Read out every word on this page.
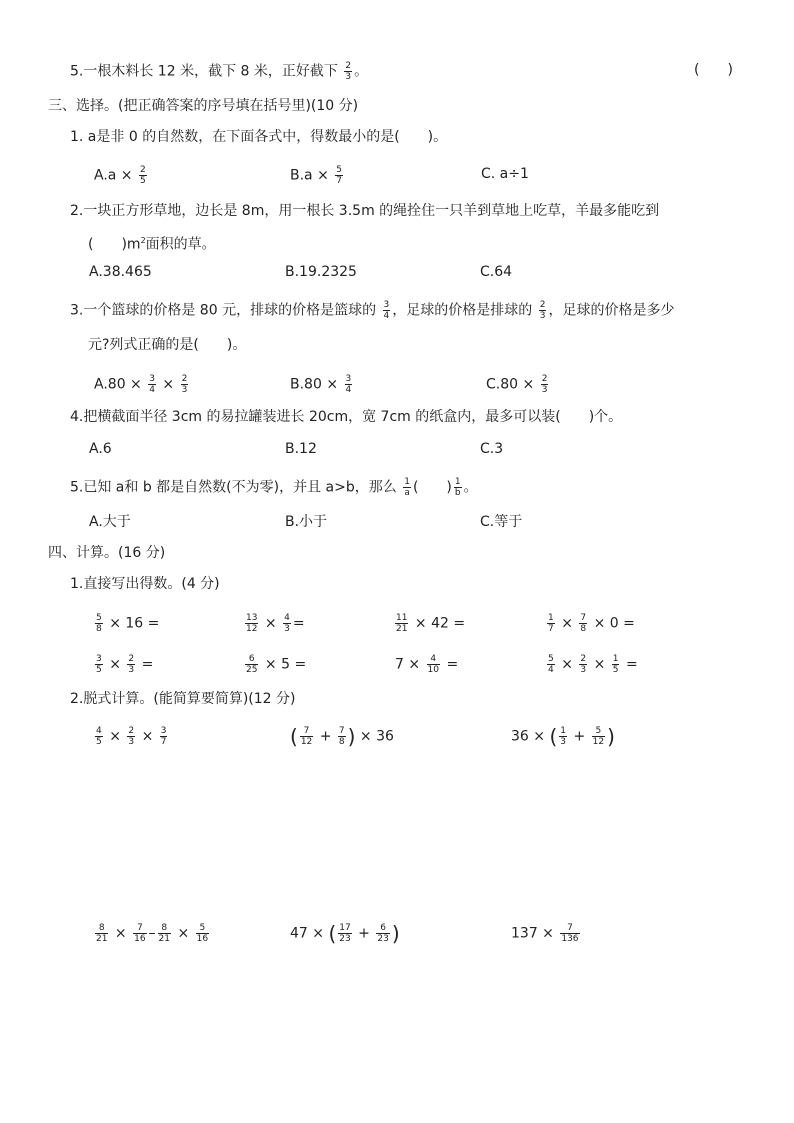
5.一根木料长 12 米，截下 8 米，正好截下 $\frac{2}{3}$ 。	(　　)
三、选择。(把正确答案的序号填在括号里)(10 分)
1. a是非 0 的自然数，在下面各式中，得数最小的是(　　)。
$A.a \times \frac{2}{5}$	$B.a \times \frac{5}{7}$	C. a÷1
2.一块正方形草地，边长是 8m，用一根长 3.5m 的绳拴住一只羊到草地上吃草，羊最多能吃到
(　　)$m^2$面积的草。
A.38.465	B.19.2325	C.64
3.一个篮球的价格是 80 元，排球的价格是篮球的 $\frac{3}{4}$ ，足球的价格是排球的 $\frac{2}{3}$ ，足球的价格是多少
元?列式正确的是(　　)。
$A.80 \times \frac{3}{4} \times \frac{2}{3}$	$B.80 \times \frac{3}{4}$	$C.80 \times \frac{2}{3}$
4.把横截面半径 3cm 的易拉罐装进长 20cm，宽 7cm 的纸盒内，最多可以装(　　)个。
A.6	B.12	C.3
5.已知 a和 b 都是自然数(不为零)，并且 a>b，那么 $\frac{1}{a}$ (　　) $\frac{1}{b}$ 。
A.大于	B.小于	C.等于
四、计算。(16 分)
1.直接写出得数。(4 分)
$\frac{5}{8} \times 16$ =	$\frac{13}{12} \times \frac{4}{3}$ =	$\frac{11}{21} \times 42$ =	$\frac{1}{7} \times \frac{7}{8} \times 0$ =
$\frac{3}{5} \times \frac{2}{3}$ =	$\frac{6}{25} \times 5$ =	$7 \times \frac{4}{10}$ =	$\frac{5}{4} \times \frac{2}{3} \times \frac{1}{5}$ =
2.脱式计算。(能简算要简算)(12 分)
$\frac{4}{5} \times \frac{2}{3} \times \frac{3}{7}$	( $\frac{7}{12} + \frac{7}{8}$ ) × 36	36 × ( $\frac{1}{3} + \frac{5}{12}$ )
$\frac{8}{21} \times \frac{7}{16} - \frac{8}{21} \times \frac{5}{16}$	47 × ( $\frac{17}{23} + \frac{6}{23}$ )	$137 \times \frac{7}{136}$
